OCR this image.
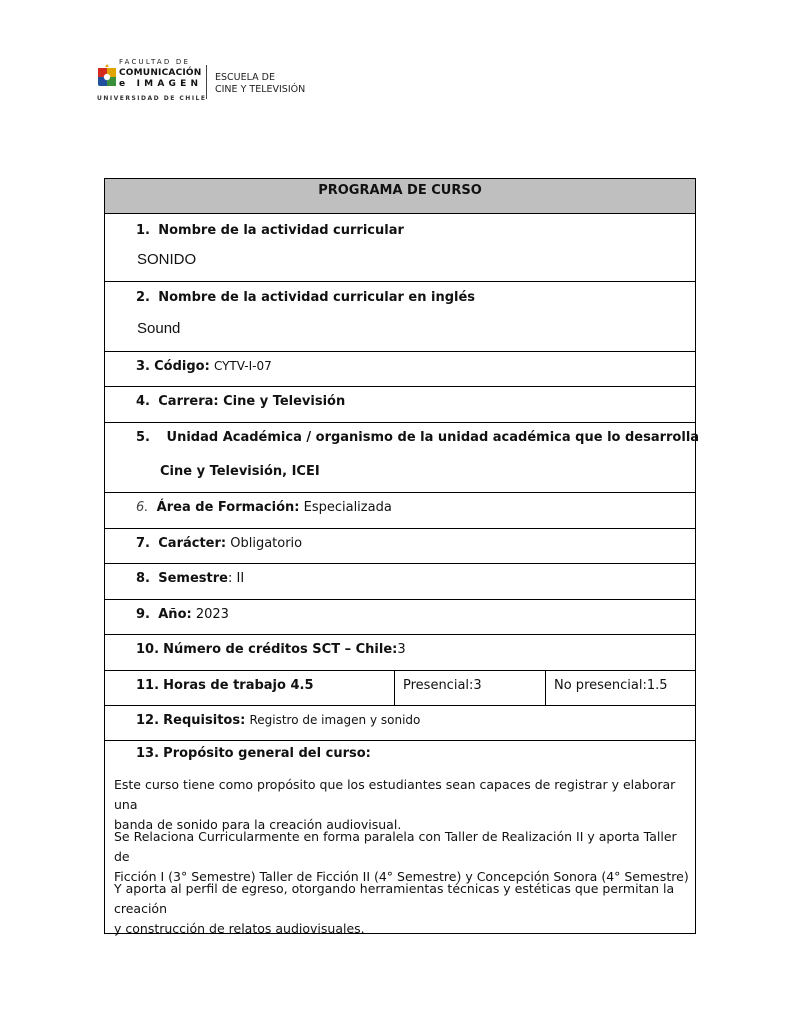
FACULTAD DE
COMUNICACIÓN
e IMAGEN
UNIVERSIDAD DE CHILE
ESCUELA DE
CINE Y TELEVISIÓN
PROGRAMA DE CURSO
1. Nombre de la actividad curricular
SONIDO
2. Nombre de la actividad curricular en inglés
Sound
3. Código: CYTV-I-07
4. Carrera: Cine y Televisión
5. Unidad Académica / organismo de la unidad académica que lo desarrolla
Cine y Televisión, ICEI
6. Área de Formación: Especializada
7. Carácter: Obligatorio
8. Semestre: II
9. Año: 2023
10. Número de créditos SCT – Chile:3
11. Horas de trabajo 4.5	Presencial:3	No presencial:1.5
12. Requisitos: Registro de imagen y sonido
13. Propósito general del curso:
Este curso tiene como propósito que los estudiantes sean capaces de registrar y elaborar una
banda de sonido para la creación audiovisual.
Se Relaciona Curricularmente en forma paralela con Taller de Realización II y aporta Taller de
Ficción I (3° Semestre) Taller de Ficción II (4° Semestre) y Concepción Sonora (4° Semestre)
Y aporta al perfil de egreso, otorgando herramientas técnicas y estéticas que permitan la creación
y construcción de relatos audiovisuales.
